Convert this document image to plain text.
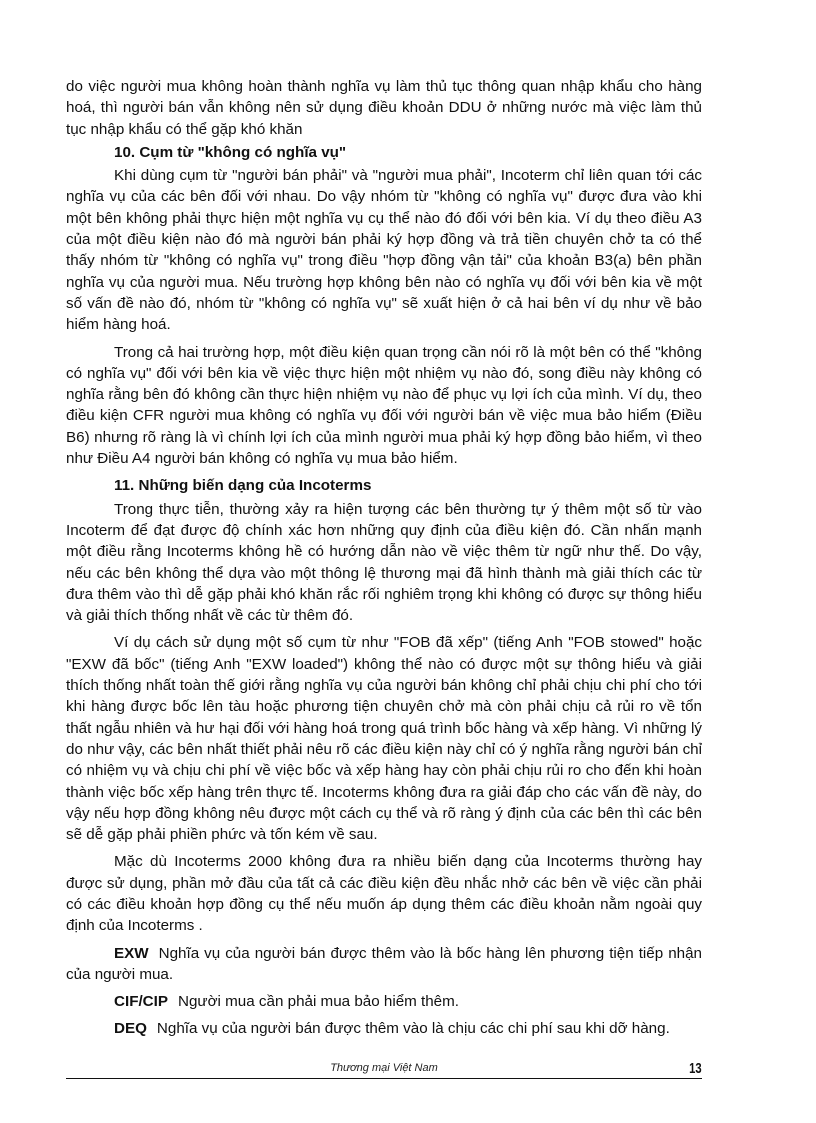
do việc người mua không hoàn thành nghĩa vụ làm thủ tục thông quan nhập khẩu cho hàng hoá, thì người bán vẫn không nên sử dụng điều khoản DDU ở những nước mà việc làm thủ tục nhập khẩu có thể gặp khó khăn

10. Cụm từ "không có nghĩa vụ"

Khi dùng cụm từ "người bán phải" và "người mua phải", Incoterm chỉ liên quan tới các nghĩa vụ của các bên đối với nhau. Do vậy nhóm từ "không có nghĩa vụ" được đưa vào khi một bên không phải thực hiện một nghĩa vụ cụ thể nào đó đối với bên kia. Ví dụ theo điều A3 của một điều kiện nào đó mà người bán phải ký hợp đồng và trả tiền chuyên chở ta có thể thấy nhóm từ "không có nghĩa vụ" trong điều "hợp đồng vận tải" của khoản B3(a) bên phần nghĩa vụ của người mua. Nếu trường hợp không bên nào có nghĩa vụ đối với bên kia về một số vấn đề nào đó, nhóm từ "không có nghĩa vụ" sẽ xuất hiện ở cả hai bên ví dụ như về bảo hiểm hàng hoá.

Trong cả hai trường hợp, một điều kiện quan trọng cần nói rõ là một bên có thể "không có nghĩa vụ" đối với bên kia về việc thực hiện một nhiệm vụ nào đó, song điều này không có nghĩa rằng bên đó không cần thực hiện nhiệm vụ nào để phục vụ lợi ích của mình. Ví dụ, theo điều kiện CFR người mua không có nghĩa vụ đối với người bán về việc mua bảo hiểm (Điều B6) nhưng rõ ràng là vì chính lợi ích của mình người mua phải ký hợp đồng bảo hiểm, vì theo như Điều A4 người bán không có nghĩa vụ mua bảo hiểm.

11. Những biến dạng của Incoterms

Trong thực tiễn, thường xảy ra hiện tượng các bên thường tự ý thêm một số từ vào Incoterm để đạt được độ chính xác hơn những quy định của điều kiện đó. Cần nhấn mạnh một điều rằng Incoterms không hề có hướng dẫn nào về việc thêm từ ngữ như thế. Do vậy, nếu các bên không thể dựa vào một thông lệ thương mại đã hình thành mà giải thích các từ đưa thêm vào thì dễ gặp phải khó khăn rắc rối nghiêm trọng khi không có được sự thông hiểu và giải thích thống nhất về các từ thêm đó.

Ví dụ cách sử dụng một số cụm từ như "FOB đã xếp" (tiếng Anh "FOB stowed" hoặc "EXW đã bốc" (tiếng Anh "EXW loaded") không thể nào có được một sự thông hiểu và giải thích thống nhất toàn thế giới rằng nghĩa vụ của người bán không chỉ phải chịu chi phí cho tới khi hàng được bốc lên tàu hoặc phương tiện chuyên chở mà còn phải chịu cả rủi ro về tổn thất ngẫu nhiên và hư hại đối với hàng hoá trong quá trình bốc hàng và xếp hàng. Vì những lý do như vậy, các bên nhất thiết phải nêu rõ các điều kiện này chỉ có ý nghĩa rằng người bán chỉ có nhiệm vụ và chịu chi phí về việc bốc và xếp hàng hay còn phải chịu rủi ro cho đến khi hoàn thành việc bốc xếp hàng trên thực tế. Incoterms không đưa ra giải đáp cho các vấn đề này, do vậy nếu hợp đồng không nêu được một cách cụ thể và rõ ràng ý định của các bên thì các bên sẽ dễ gặp phải phiền phức và tốn kém về sau.

Mặc dù Incoterms 2000 không đưa ra nhiều biến dạng của Incoterms thường hay được sử dụng, phần mở đầu của tất cả các điều kiện đều nhắc nhở các bên về việc cần phải có các điều khoản hợp đồng cụ thể nếu muốn áp dụng thêm các điều khoản nằm ngoài quy định của Incoterms .

EXW Nghĩa vụ của người bán được thêm vào là bốc hàng lên phương tiện tiếp nhận của người mua.

CIF/CIP Người mua cần phải mua bảo hiểm thêm.

DEQ Nghĩa vụ của người bán được thêm vào là chịu các chi phí sau khi dỡ hàng.

Thương mại Việt Nam	13
